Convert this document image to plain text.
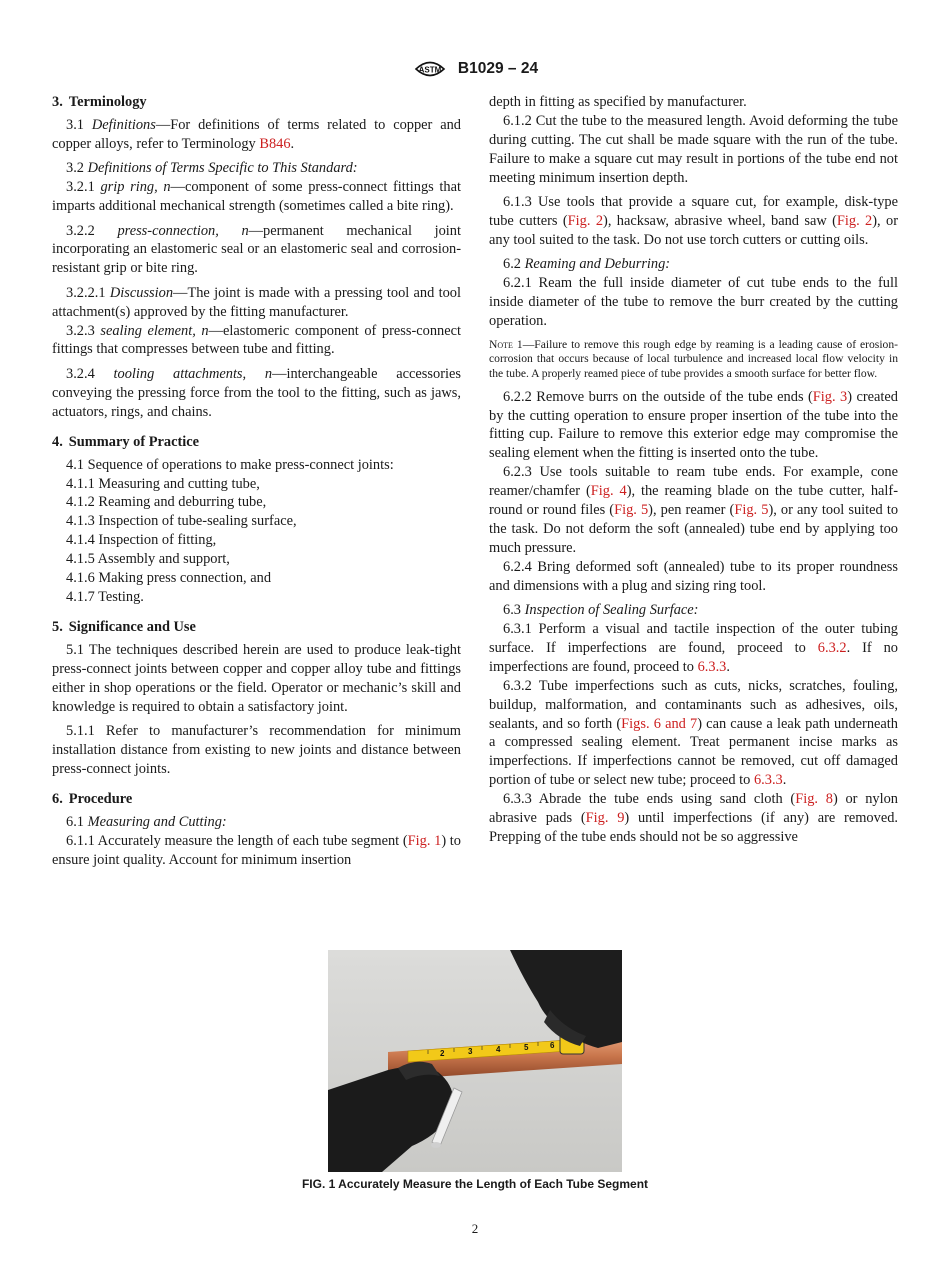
ASTM B1029 – 24
3. Terminology

3.1 Definitions—For definitions of terms related to copper and copper alloys, refer to Terminology B846.

3.2 Definitions of Terms Specific to This Standard:

3.2.1 grip ring, n—component of some press-connect fittings that imparts additional mechanical strength (sometimes called a bite ring).

3.2.2 press-connection, n—permanent mechanical joint incorporating an elastomeric seal or an elastomeric seal and corrosion-resistant grip or bite ring.

3.2.2.1 Discussion—The joint is made with a pressing tool and tool attachment(s) approved by the fitting manufacturer.

3.2.3 sealing element, n—elastomeric component of press-connect fittings that compresses between tube and fitting.

3.2.4 tooling attachments, n—interchangeable accessories conveying the pressing force from the tool to the fitting, such as jaws, actuators, rings, and chains.

4. Summary of Practice

4.1 Sequence of operations to make press-connect joints:

4.1.1 Measuring and cutting tube,

4.1.2 Reaming and deburring tube,

4.1.3 Inspection of tube-sealing surface,

4.1.4 Inspection of fitting,

4.1.5 Assembly and support,

4.1.6 Making press connection, and

4.1.7 Testing.

5. Significance and Use

5.1 The techniques described herein are used to produce leak-tight press-connect joints between copper and copper alloy tube and fittings either in shop operations or the field. Operator or mechanic’s skill and knowledge is required to obtain a satisfactory joint.

5.1.1 Refer to manufacturer’s recommendation for minimum installation distance from existing to new joints and distance between press-connect joints.

6. Procedure

6.1 Measuring and Cutting:

6.1.1 Accurately measure the length of each tube segment (Fig. 1) to ensure joint quality. Account for minimum insertion

depth in fitting as specified by manufacturer.

6.1.2 Cut the tube to the measured length. Avoid deforming the tube during cutting. The cut shall be made square with the run of the tube. Failure to make a square cut may result in portions of the tube end not meeting minimum insertion depth.

6.1.3 Use tools that provide a square cut, for example, disk-type tube cutters (Fig. 2), hacksaw, abrasive wheel, band saw (Fig. 2), or any tool suited to the task. Do not use torch cutters or cutting oils.

6.2 Reaming and Deburring:

6.2.1 Ream the full inside diameter of cut tube ends to the full inside diameter of the tube to remove the burr created by the cutting operation.

Note 1—Failure to remove this rough edge by reaming is a leading cause of erosion-corrosion that occurs because of local turbulence and increased local flow velocity in the tube. A properly reamed piece of tube provides a smooth surface for better flow.

6.2.2 Remove burrs on the outside of the tube ends (Fig. 3) created by the cutting operation to ensure proper insertion of the tube into the fitting cup. Failure to remove this exterior edge may compromise the sealing element when the fitting is inserted onto the tube.

6.2.3 Use tools suitable to ream tube ends. For example, cone reamer/chamfer (Fig. 4), the reaming blade on the tube cutter, half-round or round files (Fig. 5), pen reamer (Fig. 5), or any tool suited to the task. Do not deform the soft (annealed) tube end by applying too much pressure.

6.2.4 Bring deformed soft (annealed) tube to its proper roundness and dimensions with a plug and sizing ring tool.

6.3 Inspection of Sealing Surface:

6.3.1 Perform a visual and tactile inspection of the outer tubing surface. If imperfections are found, proceed to 6.3.2. If no imperfections are found, proceed to 6.3.3.

6.3.2 Tube imperfections such as cuts, nicks, scratches, fouling, buildup, malformation, and contaminants such as adhesives, oils, sealants, and so forth (Figs. 6 and 7) can cause a leak path underneath a compressed sealing element. Treat permanent incise marks as imperfections. If imperfections cannot be removed, cut off damaged portion of tube or select new tube; proceed to 6.3.3.

6.3.3 Abrade the tube ends using sand cloth (Fig. 8) or nylon abrasive pads (Fig. 9) until imperfections (if any) are removed. Prepping of the tube ends should not be so aggressive

2	3	4	5	6
FIG. 1 Accurately Measure the Length of Each Tube Segment
2
